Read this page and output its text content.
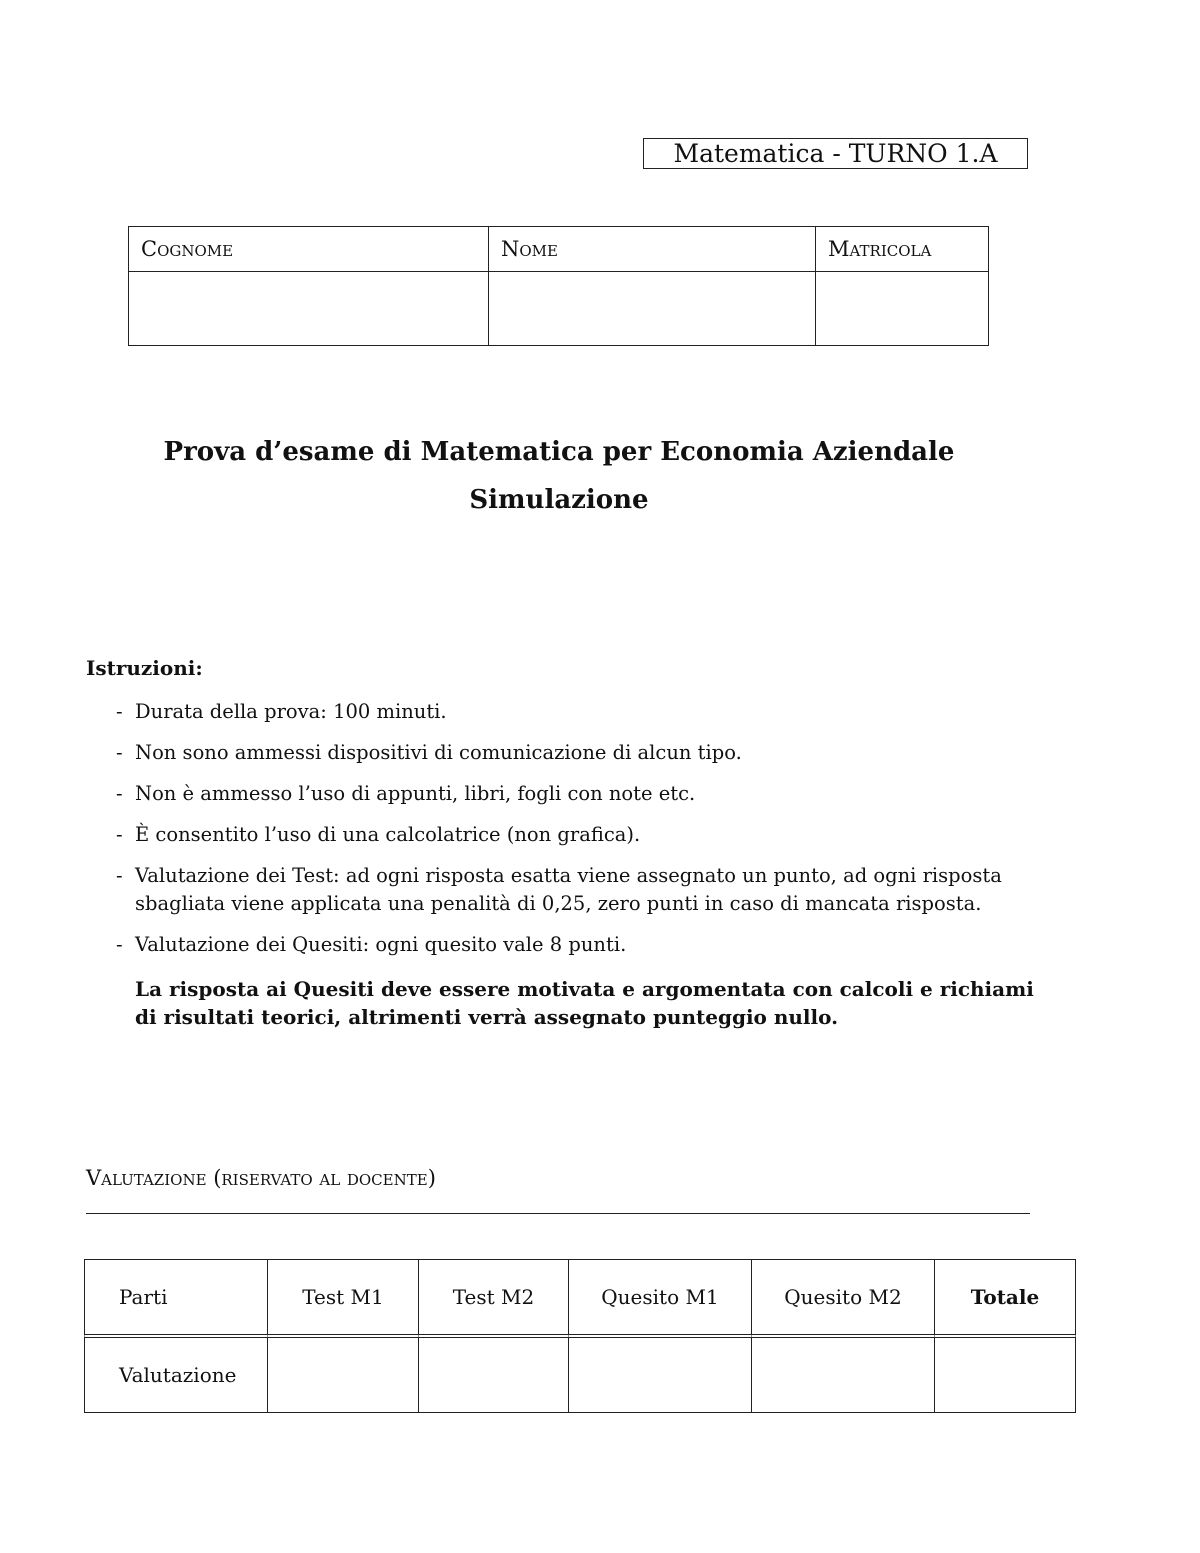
Matematica - TURNO 1.A
Cognome	Nome	Matricola

Prova d’esame di Matematica per Economia Aziendale
Simulazione
Istruzioni:
- Durata della prova: 100 minuti.
- Non sono ammessi dispositivi di comunicazione di alcun tipo.
- Non è ammesso l’uso di appunti, libri, fogli con note etc.
- È consentito l’uso di una calcolatrice (non grafica).
- Valutazione dei Test: ad ogni risposta esatta viene assegnato un punto, ad ogni risposta sbagliata viene applicata una penalità di 0,25, zero punti in caso di mancata risposta.
- Valutazione dei Quesiti: ogni quesito vale 8 punti.
La risposta ai Quesiti deve essere motivata e argomentata con calcoli e richiami di risultati teorici, altrimenti verrà assegnato punteggio nullo.
Valutazione (riservato al docente)
Parti	Test M1	Test M2	Quesito M1	Quesito M2	Totale
Valutazione					
